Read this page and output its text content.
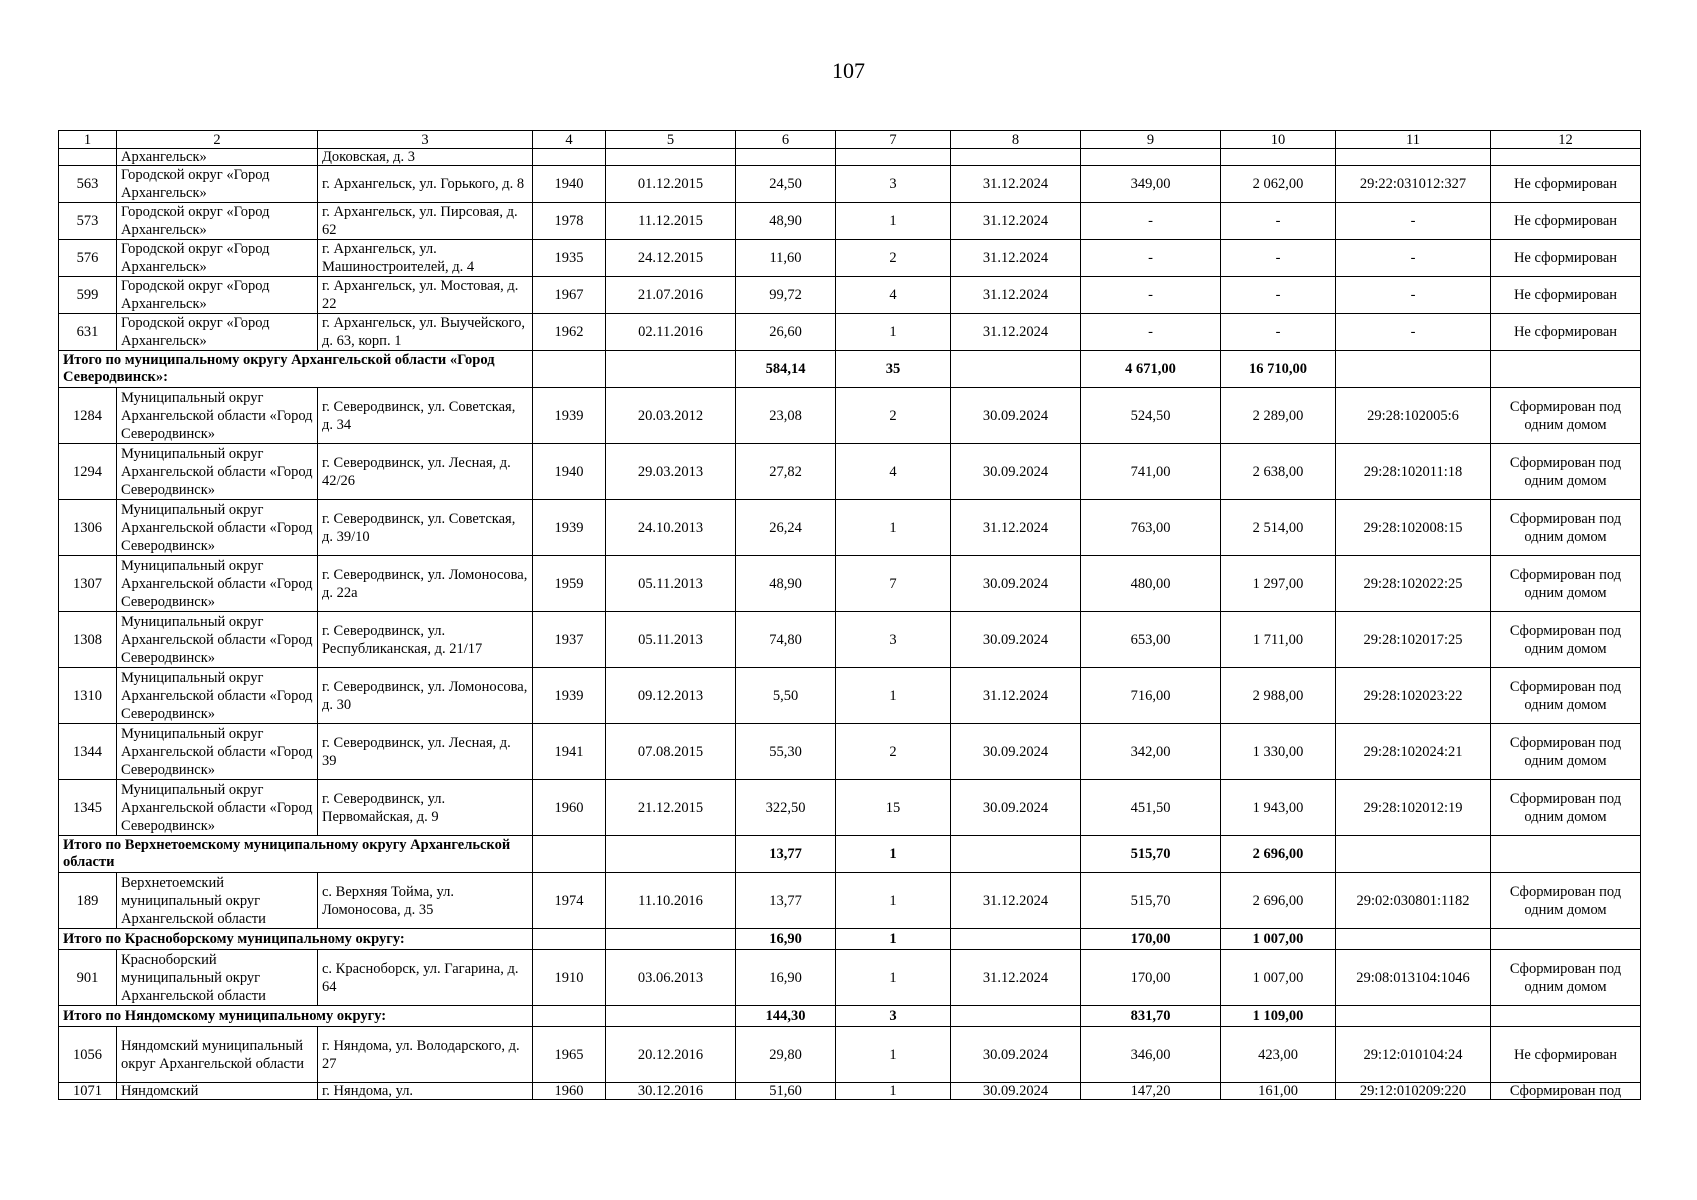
107
1	2	3	4	5	6	7	8	9	10	11	12
	Архангельск»	Доковская, д. 3									
563	Городской округ «Город Архангельск»	г. Архангельск, ул. Горького, д. 8	1940	01.12.2015	24,50	3	31.12.2024	349,00	2 062,00	29:22:031012:327	Не сформирован
573	Городской округ «Город Архангельск»	г. Архангельск, ул. Пирсовая, д. 62	1978	11.12.2015	48,90	1	31.12.2024	-	-	-	Не сформирован
576	Городской округ «Город Архангельск»	г. Архангельск, ул. Машиностроителей, д. 4	1935	24.12.2015	11,60	2	31.12.2024	-	-	-	Не сформирован
599	Городской округ «Город Архангельск»	г. Архангельск, ул. Мостовая, д. 22	1967	21.07.2016	99,72	4	31.12.2024	-	-	-	Не сформирован
631	Городской округ «Город Архангельск»	г. Архангельск, ул. Выучейского, д. 63, корп. 1	1962	02.11.2016	26,60	1	31.12.2024	-	-	-	Не сформирован
Итого по муниципальному округу Архангельской области «Город Северодвинск»:					584,14	35		4 671,00	16 710,00		
1284	Муниципальный округ Архангельской области «Город Северодвинск»	г. Северодвинск, ул. Советская, д. 34	1939	20.03.2012	23,08	2	30.09.2024	524,50	2 289,00	29:28:102005:6	Сформирован под одним домом
1294	Муниципальный округ Архангельской области «Город Северодвинск»	г. Северодвинск, ул. Лесная, д. 42/26	1940	29.03.2013	27,82	4	30.09.2024	741,00	2 638,00	29:28:102011:18	Сформирован под одним домом
1306	Муниципальный округ Архангельской области «Город Северодвинск»	г. Северодвинск, ул. Советская, д. 39/10	1939	24.10.2013	26,24	1	31.12.2024	763,00	2 514,00	29:28:102008:15	Сформирован под одним домом
1307	Муниципальный округ Архангельской области «Город Северодвинск»	г. Северодвинск, ул. Ломоносова, д. 22а	1959	05.11.2013	48,90	7	30.09.2024	480,00	1 297,00	29:28:102022:25	Сформирован под одним домом
1308	Муниципальный округ Архангельской области «Город Северодвинск»	г. Северодвинск, ул. Республиканская, д. 21/17	1937	05.11.2013	74,80	3	30.09.2024	653,00	1 711,00	29:28:102017:25	Сформирован под одним домом
1310	Муниципальный округ Архангельской области «Город Северодвинск»	г. Северодвинск, ул. Ломоносова, д. 30	1939	09.12.2013	5,50	1	31.12.2024	716,00	2 988,00	29:28:102023:22	Сформирован под одним домом
1344	Муниципальный округ Архангельской области «Город Северодвинск»	г. Северодвинск, ул. Лесная, д. 39	1941	07.08.2015	55,30	2	30.09.2024	342,00	1 330,00	29:28:102024:21	Сформирован под одним домом
1345	Муниципальный округ Архангельской области «Город Северодвинск»	г. Северодвинск, ул. Первомайская, д. 9	1960	21.12.2015	322,50	15	30.09.2024	451,50	1 943,00	29:28:102012:19	Сформирован под одним домом
Итого по Верхнетоемскому муниципальному округу Архангельской области					13,77	1		515,70	2 696,00		
189	Верхнетоемский муниципальный округ Архангельской области	с. Верхняя Тойма, ул. Ломоносова, д. 35	1974	11.10.2016	13,77	1	31.12.2024	515,70	2 696,00	29:02:030801:1182	Сформирован под одним домом
Итого по Красноборскому муниципальному округу:					16,90	1		170,00	1 007,00		
901	Красноборский муниципальный округ Архангельской области	с. Красноборск, ул. Гагарина, д. 64	1910	03.06.2013	16,90	1	31.12.2024	170,00	1 007,00	29:08:013104:1046	Сформирован под одним домом
Итого по Няндомскому муниципальному округу:					144,30	3		831,70	1 109,00		
1056	Няндомский муниципальный округ Архангельской области	г. Няндома, ул. Володарского, д. 27	1965	20.12.2016	29,80	1	30.09.2024	346,00	423,00	29:12:010104:24	Не сформирован
1071	Няндомский	г. Няндома, ул.	1960	30.12.2016	51,60	1	30.09.2024	147,20	161,00	29:12:010209:220	Сформирован под
